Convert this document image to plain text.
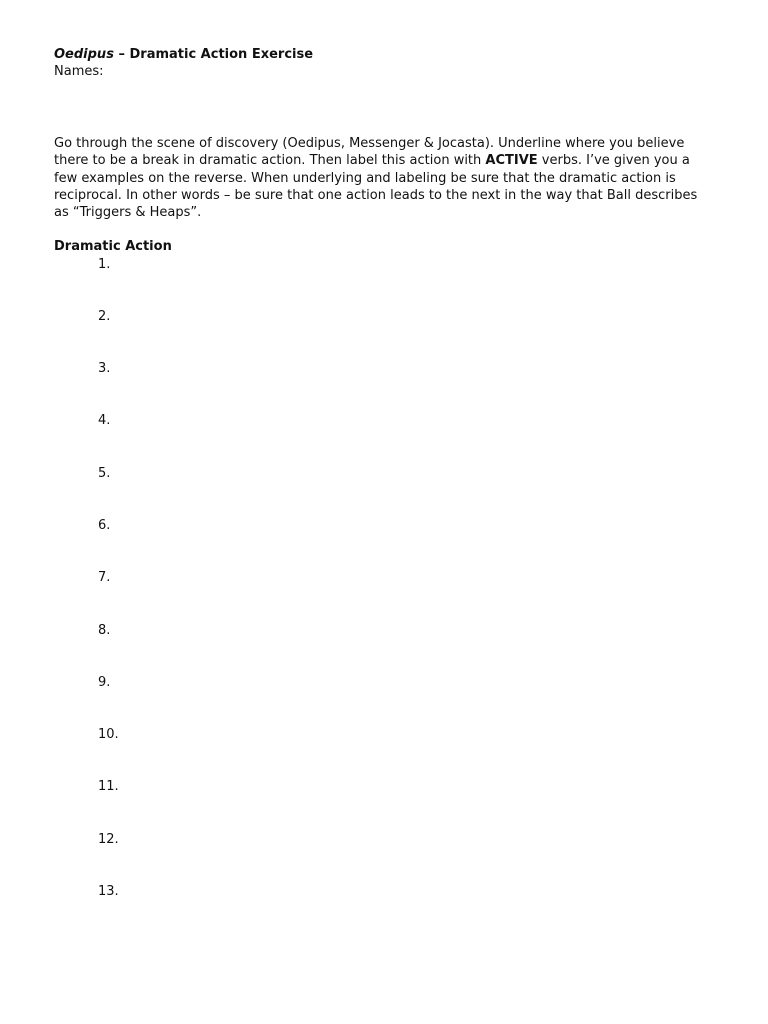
Oedipus – Dramatic Action Exercise
Names:
Go through the scene of discovery (Oedipus, Messenger & Jocasta). Underline where you believe
there to be a break in dramatic action. Then label this action with ACTIVE verbs. I’ve given you a
few examples on the reverse. When underlying and labeling be sure that the dramatic action is
reciprocal. In other words – be sure that one action leads to the next in the way that Ball describes
as “Triggers & Heaps”.
Dramatic Action
1.
2.
3.
4.
5.
6.
7.
8.
9.
10.
11.
12.
13.
